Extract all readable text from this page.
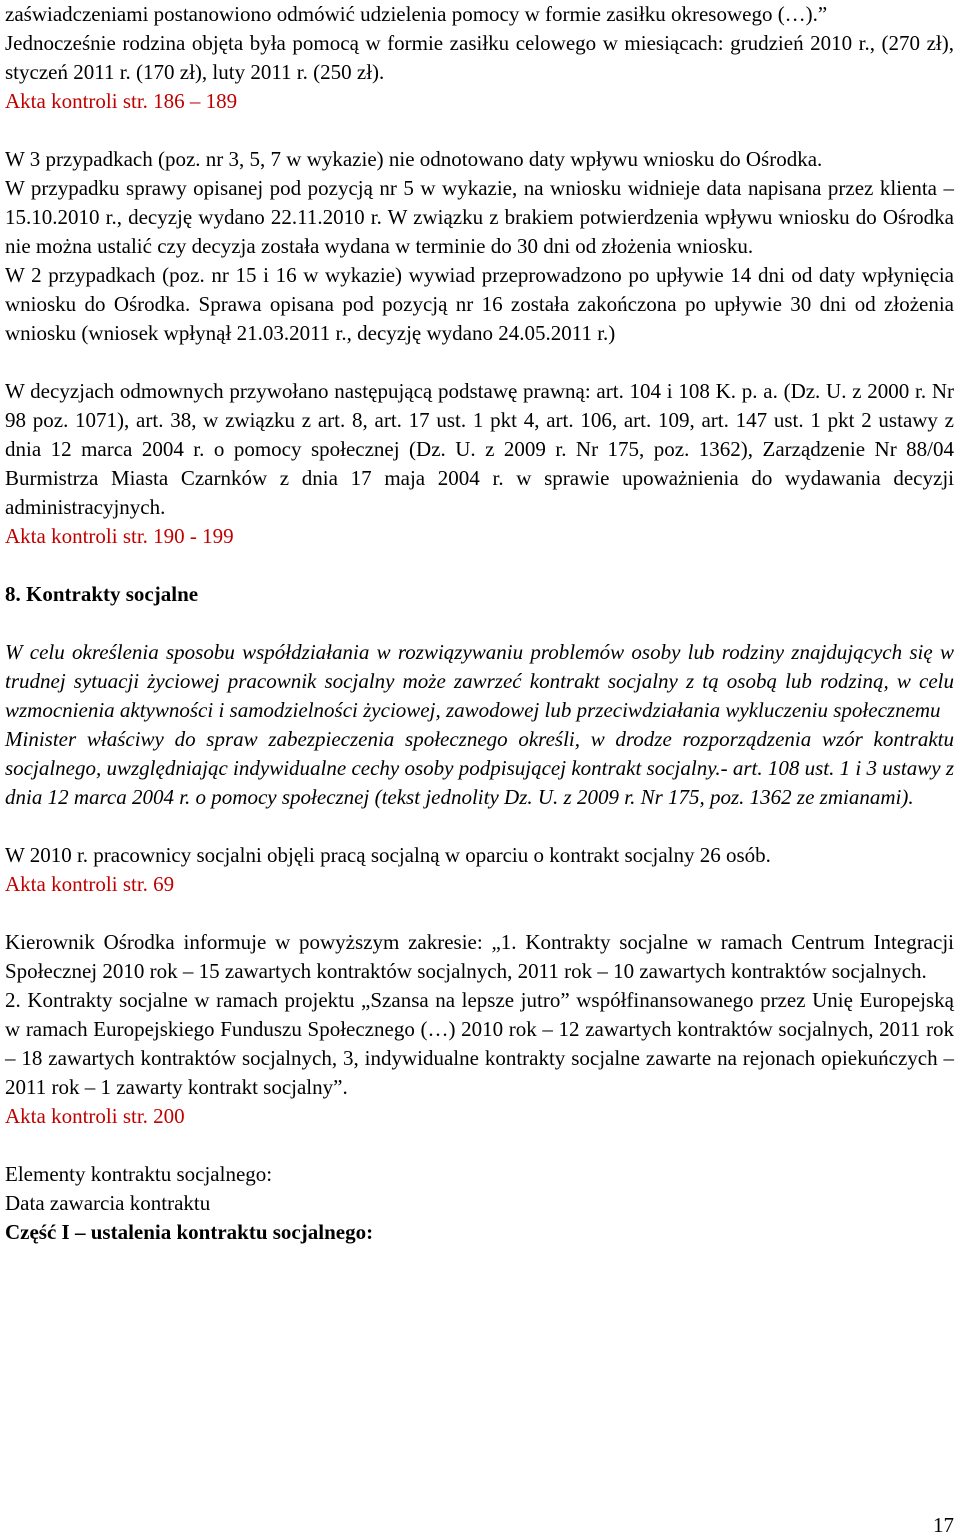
zaświadczeniami postanowiono odmówić udzielenia pomocy w formie zasiłku okresowego (…).”

Jednocześnie rodzina objęta była pomocą w formie zasiłku celowego w miesiącach: grudzień 2010 r., (270 zł), styczeń 2011 r. (170 zł), luty 2011 r. (250 zł).

Akta kontroli str. 186 – 189

W 3 przypadkach (poz. nr 3, 5, 7 w wykazie) nie odnotowano daty wpływu wniosku do Ośrodka.

W przypadku sprawy opisanej pod pozycją nr 5 w wykazie, na wniosku widnieje data napisana przez klienta – 15.10.2010 r., decyzję wydano 22.11.2010 r. W związku z brakiem potwierdzenia wpływu wniosku do Ośrodka nie można ustalić czy decyzja została wydana w terminie do 30 dni od złożenia wniosku.

W 2 przypadkach (poz. nr 15 i 16 w wykazie) wywiad przeprowadzono po upływie 14 dni od daty wpłynięcia wniosku do Ośrodka. Sprawa opisana pod pozycją nr 16 została zakończona po upływie 30 dni od złożenia wniosku (wniosek wpłynął 21.03.2011 r., decyzję wydano 24.05.2011 r.)

W decyzjach odmownych przywołano następującą podstawę prawną: art. 104 i 108 K. p. a. (Dz. U. z 2000 r. Nr 98 poz. 1071), art. 38, w związku z art. 8, art. 17 ust. 1 pkt 4, art. 106, art. 109, art. 147 ust. 1 pkt 2 ustawy z dnia 12 marca 2004 r. o pomocy społecznej (Dz. U. z 2009 r. Nr 175, poz. 1362), Zarządzenie Nr 88/04 Burmistrza Miasta Czarnków z dnia 17 maja 2004 r. w sprawie upoważnienia do wydawania decyzji administracyjnych.

Akta kontroli str. 190 - 199

8. Kontrakty socjalne

W celu określenia sposobu współdziałania w rozwiązywaniu problemów osoby lub rodziny znajdujących się w trudnej sytuacji życiowej pracownik socjalny może zawrzeć kontrakt socjalny z tą osobą lub rodziną, w celu wzmocnienia aktywności i samodzielności życiowej, zawodowej lub przeciwdziałania wykluczeniu społecznemu

Minister właściwy do spraw zabezpieczenia społecznego określi, w drodze rozporządzenia wzór kontraktu socjalnego, uwzględniając indywidualne cechy osoby podpisującej kontrakt socjalny.- art. 108 ust. 1 i 3 ustawy z dnia 12 marca 2004 r. o pomocy społecznej (tekst jednolity Dz. U. z 2009 r. Nr 175, poz. 1362 ze zmianami).

W 2010 r. pracownicy socjalni objęli pracą socjalną w oparciu o kontrakt socjalny 26 osób.

Akta kontroli str. 69

Kierownik Ośrodka informuje w powyższym zakresie: „1. Kontrakty socjalne w ramach Centrum Integracji Społecznej 2010 rok – 15 zawartych kontraktów socjalnych, 2011 rok – 10 zawartych kontraktów socjalnych.

2. Kontrakty socjalne w ramach projektu „Szansa na lepsze jutro” współfinansowanego przez Unię Europejską w ramach Europejskiego Funduszu Społecznego (…) 2010 rok – 12 zawartych kontraktów socjalnych, 2011 rok – 18 zawartych kontraktów socjalnych, 3, indywidualne kontrakty socjalne zawarte na rejonach opiekuńczych – 2011 rok – 1 zawarty kontrakt socjalny”.

Akta kontroli str. 200

Elementy kontraktu socjalnego:

Data zawarcia kontraktu

Część I – ustalenia kontraktu socjalnego:

17
